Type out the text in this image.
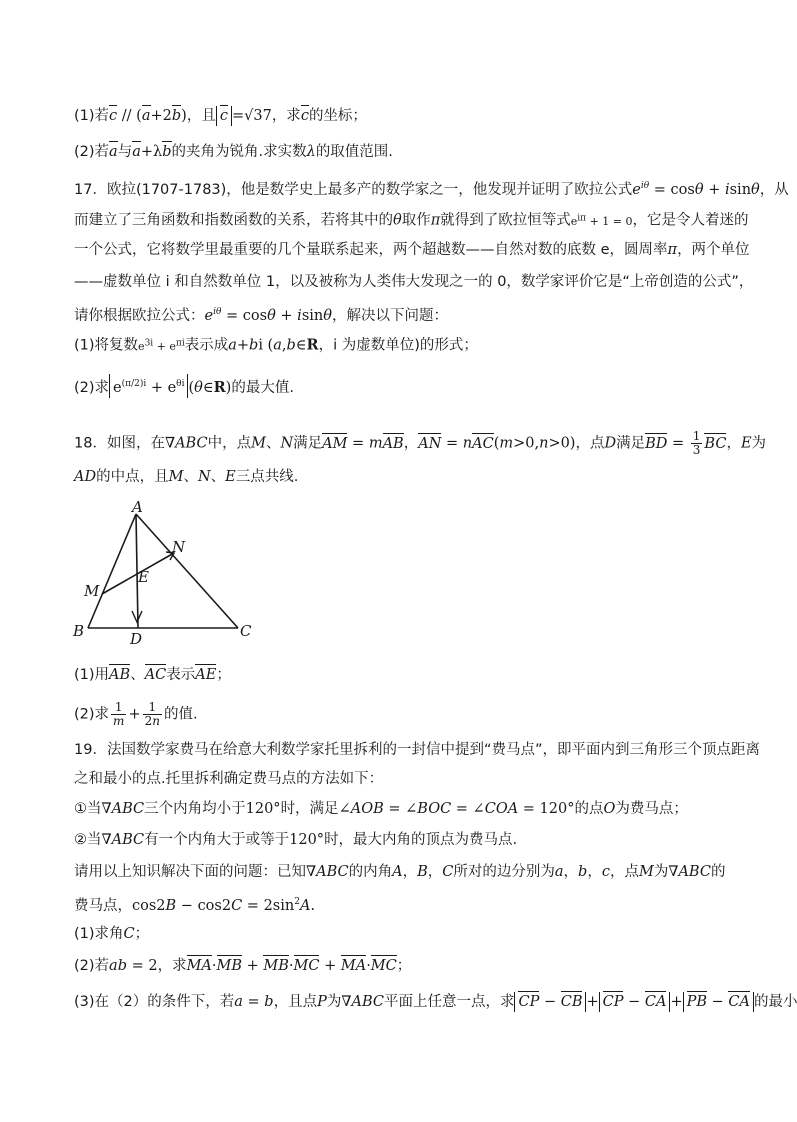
(1)若c // (a+2b)，且 c =√37，求c的坐标；
(2)若a与a+λb的夹角为锐角.求实数λ的取值范围.
17．欧拉(1707-1783)，他是数学史上最多产的数学家之一，他发现并证明了欧拉公式$e^{i\theta} = \cos\theta + isin\theta$，从
而建立了三角函数和指数函数的关系，若将其中的θ取作π就得到了欧拉恒等式$e^{i\pi} + 1 = 0$，它是令人着迷的
一个公式，它将数学里最重要的几个量联系起来，两个超越数——自然对数的底数 e，圆周率π，两个单位
——虚数单位 i 和自然数单位 1，以及被称为人类伟大发现之一的 0，数学家评价它是“上帝创造的公式”，
请你根据欧拉公式：$e^{i\theta} = \cos\theta + isin\theta$，解决以下问题：
(1)将复数$e^{3i} + e^{\pi i}$表示成a+bi (a,b∈R，i 为虚数单位)的形式；
(2)求 $e^{(\pi/2)i} + e^{\theta i}$ (θ∈R)的最大值.
18．如图，在∇ABC中，点M、N满足AM = mAB，AN = nAC(m>0,n>0)，点D满足BD = $\frac{1}{3}$ BC，E为
AD的中点，且M、N、E三点共线.
A
N
E
M
B	D	C
(1)用AB、AC表示AE；
(2)求 $\frac{1}{m} + \frac{1}{2n}$ 的值.
19．法国数学家费马在给意大利数学家托里拆利的一封信中提到“费马点”，即平面内到三角形三个顶点距离
之和最小的点.托里拆利确定费马点的方法如下：
①当∇ABC三个内角均小于120°时，满足∠AOB = ∠BOC = ∠COA = 120°的点O为费马点；
②当∇ABC有一个内角大于或等于120°时，最大内角的顶点为费马点.
请用以上知识解决下面的问题：已知∇ABC的内角A，B，C所对的边分别为a，b，c，点M为∇ABC的
费马点，$\cos 2B - \cos 2C = 2\sin^2A$.
(1)求角C；
(2)若ab = 2，求MA·MB + MB·MC + MA·MC；
(3)在（2）的条件下，若a = b，且点P为∇ABC平面上任意一点，求 CP − CB + CP − CA + PB − CA 的最小
